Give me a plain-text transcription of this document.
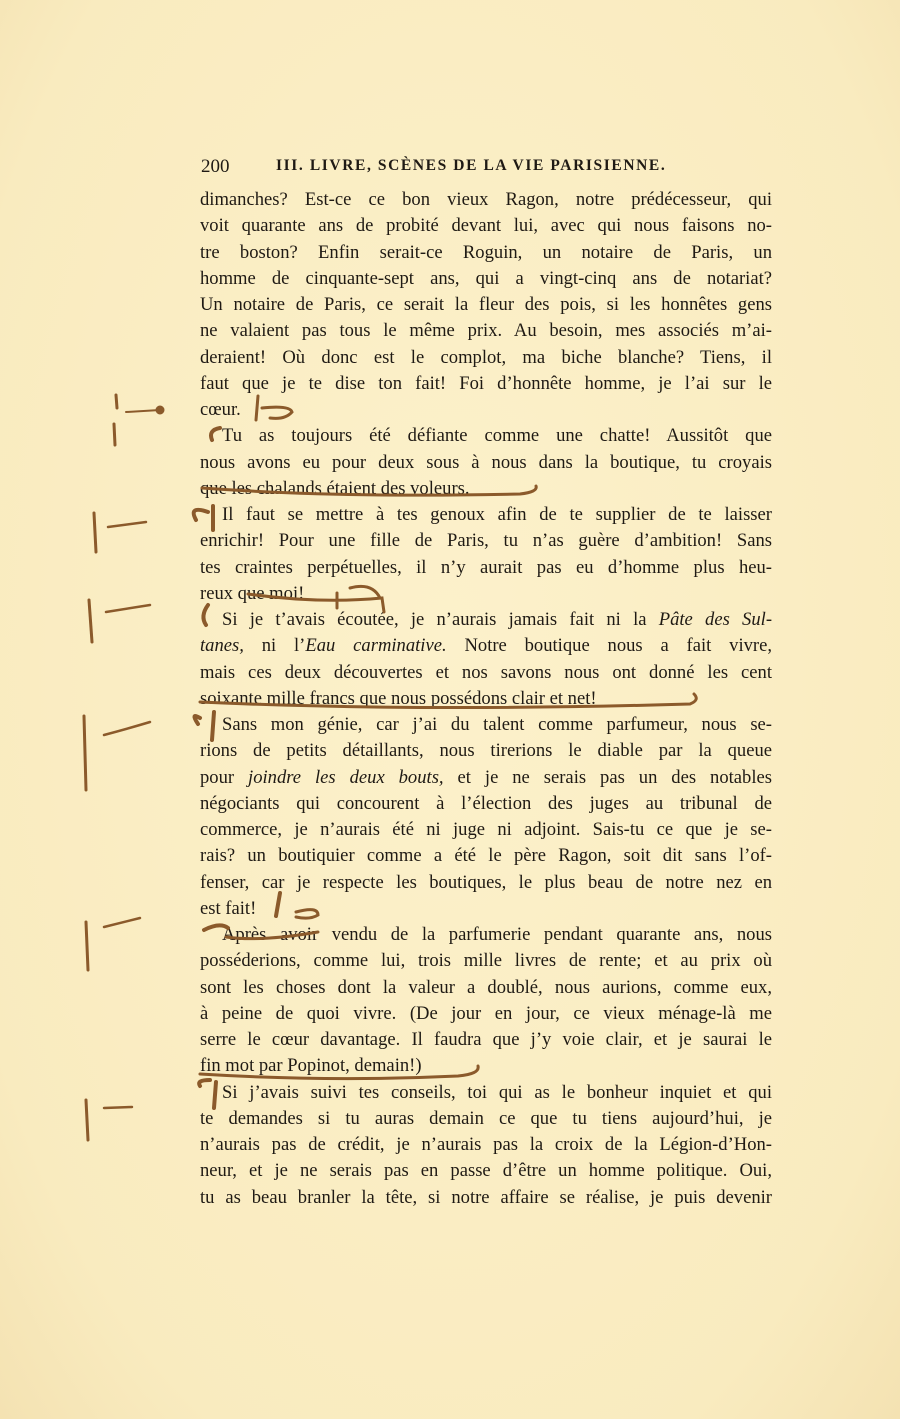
200	III. LIVRE, SCÈNES DE LA VIE PARISIENNE.
dimanches? Est-ce ce bon vieux Ragon, notre prédécesseur, qui
voit quarante ans de probité devant lui, avec qui nous faisons no-
tre boston? Enfin serait-ce Roguin, un notaire de Paris, un
homme de cinquante-sept ans, qui a vingt-cinq ans de notariat?
Un notaire de Paris, ce serait la fleur des pois, si les honnêtes gens
ne valaient pas tous le même prix. Au besoin, mes associés m’ai-
deraient! Où donc est le complot, ma biche blanche? Tiens, il
faut que je te dise ton fait! Foi d’honnête homme, je l’ai sur le
cœur.
Tu as toujours été défiante comme une chatte! Aussitôt que
nous avons eu pour deux sous à nous dans la boutique, tu croyais
que les chalands étaient des voleurs.
Il faut se mettre à tes genoux afin de te supplier de te laisser
enrichir! Pour une fille de Paris, tu n’as guère d’ambition! Sans
tes craintes perpétuelles, il n’y aurait pas eu d’homme plus heu-
reux que moi!
Si je t’avais écoutée, je n’aurais jamais fait ni la Pâte des Sul-
tanes, ni l’Eau carminative. Notre boutique nous a fait vivre,
mais ces deux découvertes et nos savons nous ont donné les cent
soixante mille francs que nous possédons clair et net!
Sans mon génie, car j’ai du talent comme parfumeur, nous se-
rions de petits détaillants, nous tirerions le diable par la queue
pour joindre les deux bouts, et je ne serais pas un des notables
négociants qui concourent à l’élection des juges au tribunal de
commerce, je n’aurais été ni juge ni adjoint. Sais-tu ce que je se-
rais? un boutiquier comme a été le père Ragon, soit dit sans l’of-
fenser, car je respecte les boutiques, le plus beau de notre nez en
est fait!
Après avoir vendu de la parfumerie pendant quarante ans, nous
posséderions, comme lui, trois mille livres de rente; et au prix où
sont les choses dont la valeur a doublé, nous aurions, comme eux,
à peine de quoi vivre. (De jour en jour, ce vieux ménage-là me
serre le cœur davantage. Il faudra que j’y voie clair, et je saurai le
fin mot par Popinot, demain!)
Si j’avais suivi tes conseils, toi qui as le bonheur inquiet et qui
te demandes si tu auras demain ce que tu tiens aujourd’hui, je
n’aurais pas de crédit, je n’aurais pas la croix de la Légion-d’Hon-
neur, et je ne serais pas en passe d’être un homme politique. Oui,
tu as beau branler la tête, si notre affaire se réalise, je puis devenir
